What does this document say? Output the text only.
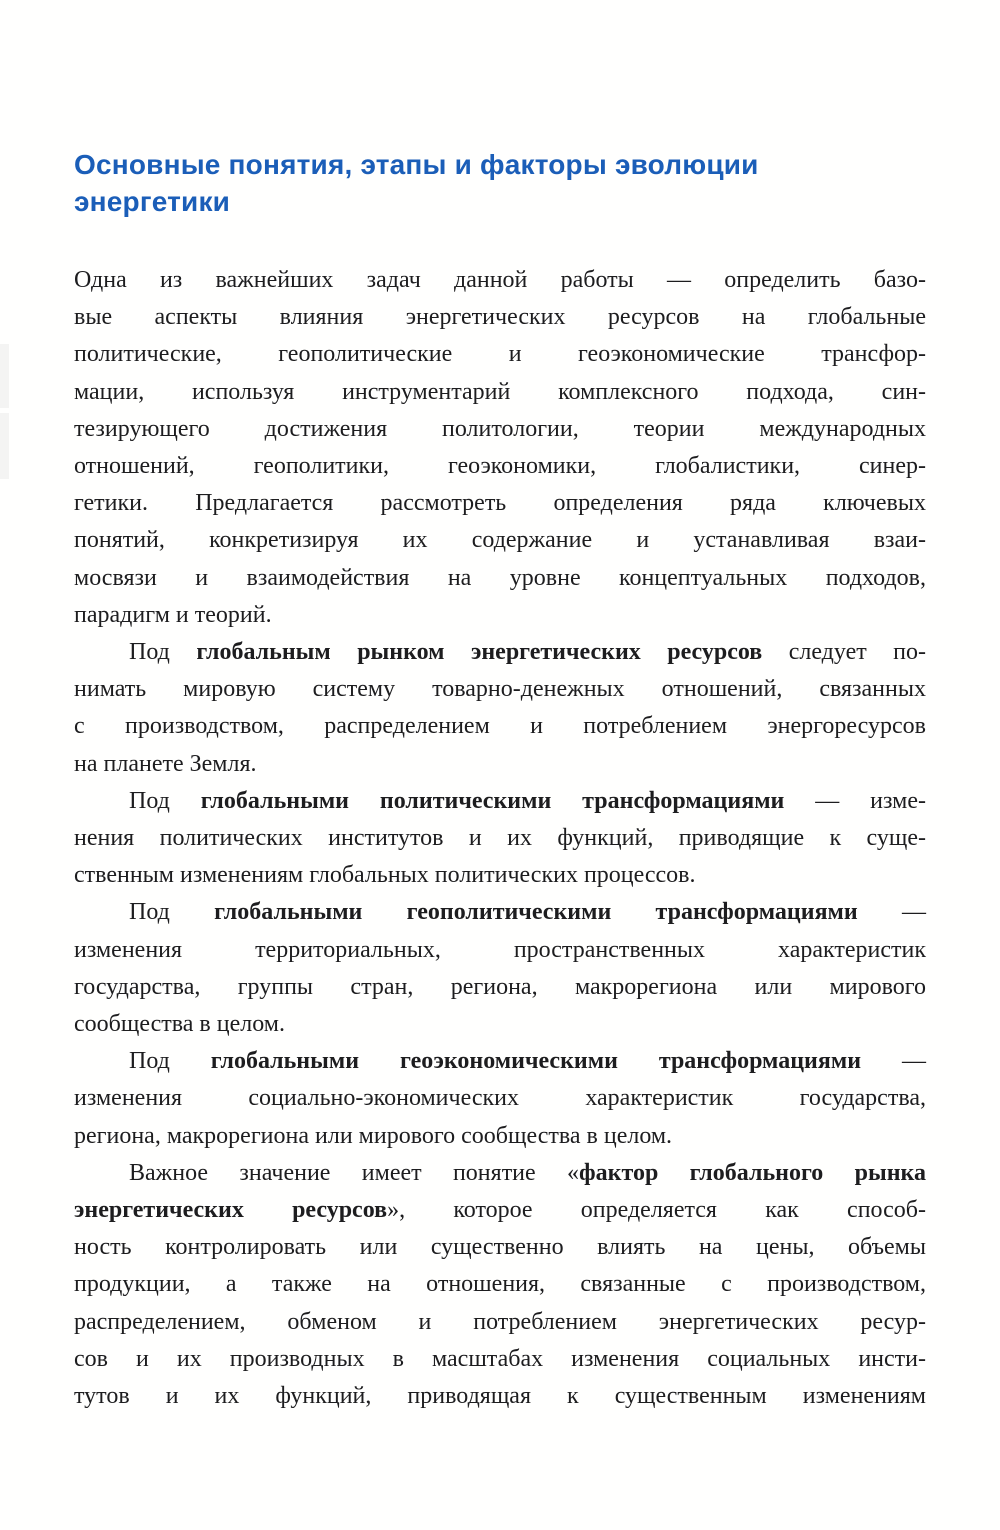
Основные понятия, этапы и факторы эволюции
энергетики
Одна из важнейших задач данной работы — определить базо-
вые аспекты влияния энергетических ресурсов на глобальные
политические, геополитические и геоэкономические трансфор-
мации, используя инструментарий комплексного подхода, син-
тезирующего достижения политологии, теории международных
отношений, геополитики, геоэкономики, глобалистики, синер-
гетики. Предлагается рассмотреть определения ряда ключевых
понятий, конкретизируя их содержание и устанавливая взаи-
мосвязи и взаимодействия на уровне концептуальных подходов,
парадигм и теорий.
Под глобальным рынком энергетических ресурсов следует по-
нимать мировую систему товарно-денежных отношений, связанных
с производством, распределением и потреблением энергоресурсов
на планете Земля.
Под глобальными политическими трансформациями — изме-
нения политических институтов и их функций, приводящие к суще-
ственным изменениям глобальных политических процессов.
Под глобальными геополитическими трансформациями —
изменения территориальных, пространственных характеристик
государства, группы стран, региона, макрорегиона или мирового
сообщества в целом.
Под глобальными геоэкономическими трансформациями —
изменения социально-экономических характеристик государства,
региона, макрорегиона или мирового сообщества в целом.
Важное значение имеет понятие «фактор глобального рынка
энергетических ресурсов», которое определяется как способ-
ность контролировать или существенно влиять на цены, объемы
продукции, а также на отношения, связанные с производством,
распределением, обменом и потреблением энергетических ресур-
сов и их производных в масштабах изменения социальных инсти-
тутов и их функций, приводящая к существенным изменениям
